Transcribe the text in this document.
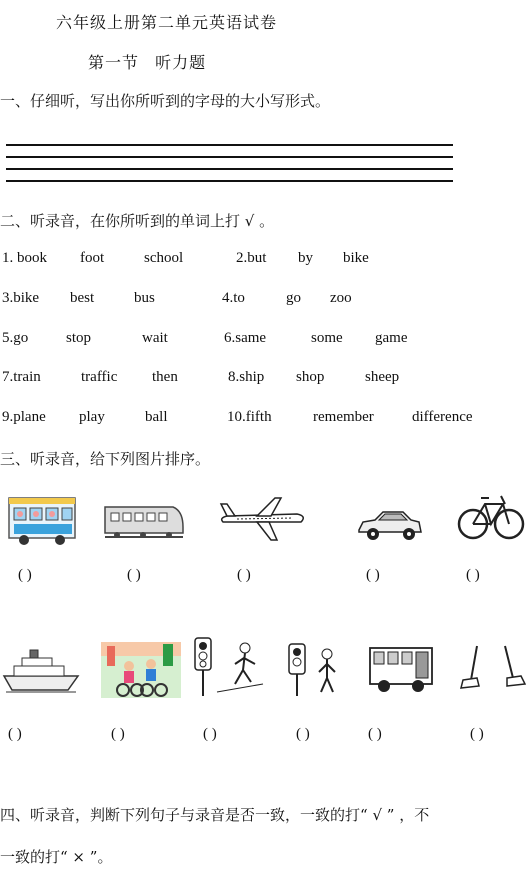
六年级上册第二单元英语试卷
第一节 听力题
一、仔细听，写出你所听到的字母的大小写形式。
二、听录音，在你所听到的单词上打 √ 。
1. book foot	school	2.but by bike
3.bike best	bus	4.to	go zoo
5.go	stop	wait	6.same	some game
7.train	traffic then	8.ship shop	sheep
9.plane play	ball	10.fifth	remember	difference
三、听录音，给下列图片排序。
( )	( )	( )	( )	( )
( )	( )	( )	( )	( )	( )
四、听录音，判断下列句子与录音是否一致，一致的打“ √ ” ，不
一致的打“ × ”。
